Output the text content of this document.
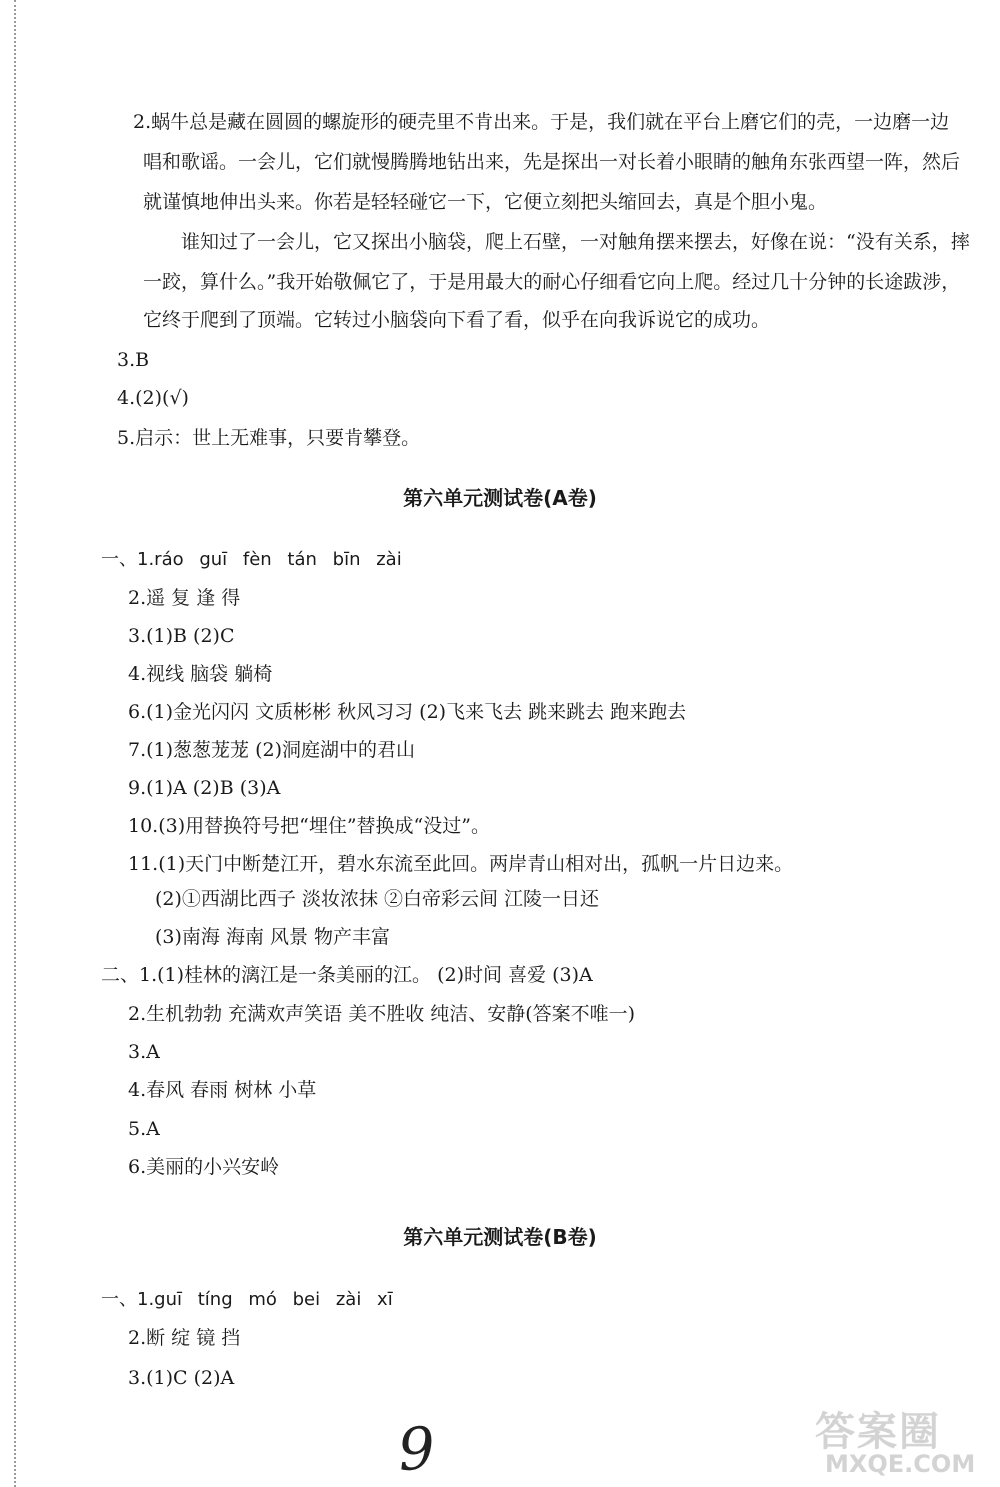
2.蜗牛总是藏在圆圆的螺旋形的硬壳里不肯出来。于是，我们就在平台上磨它们的壳，一边磨一边
唱和歌谣。一会儿，它们就慢腾腾地钻出来，先是探出一对长着小眼睛的触角东张西望一阵，然后
就谨慎地伸出头来。你若是轻轻碰它一下，它便立刻把头缩回去，真是个胆小鬼。
谁知过了一会儿，它又探出小脑袋，爬上石壁，一对触角摆来摆去，好像在说：“没有关系，摔
一跤，算什么。”我开始敬佩它了，于是用最大的耐心仔细看它向上爬。经过几十分钟的长途跋涉，
它终于爬到了顶端。它转过小脑袋向下看了看，似乎在向我诉说它的成功。
3.B
4.(2)(√)
5.启示：世上无难事，只要肯攀登。
第六单元测试卷(A卷)
一、1.ráo guī fèn tán bīn zài
2.遥 复 逢 得
3.(1)B (2)C
4.视线 脑袋 躺椅
6.(1)金光闪闪 文质彬彬 秋风习习 (2)飞来飞去 跳来跳去 跑来跑去
7.(1)葱葱茏茏 (2)洞庭湖中的君山
9.(1)A (2)B (3)A
10.(3)用替换符号把“埋住”替换成“没过”。
11.(1)天门中断楚江开，碧水东流至此回。两岸青山相对出，孤帆一片日边来。
(2)①西湖比西子 淡妆浓抹 ②白帝彩云间 江陵一日还
(3)南海 海南 风景 物产丰富
二、1.(1)桂林的漓江是一条美丽的江。 (2)时间 喜爱 (3)A
2.生机勃勃 充满欢声笑语 美不胜收 纯洁、安静(答案不唯一)
3.A
4.春风 春雨 树林 小草
5.A
6.美丽的小兴安岭
第六单元测试卷(B卷)
一、1.guī tíng mó bei zài xī
2.断 绽 镜 挡
3.(1)C (2)A
9	答案圈
MXQE.COM
